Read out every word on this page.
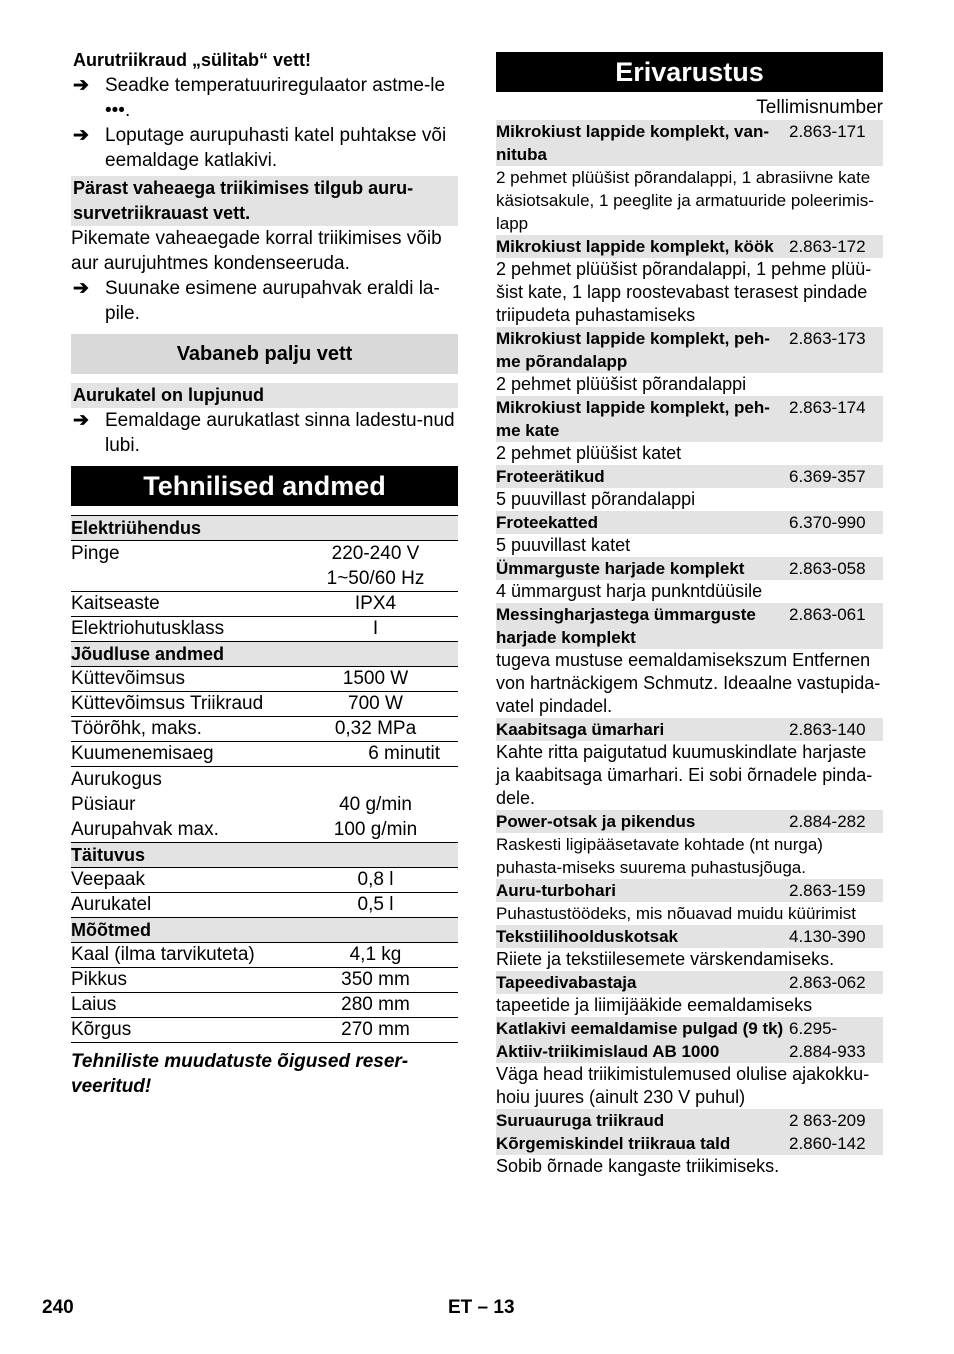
Aurutriikraud „sülitab“ vett!
➔ Seadke temperatuuriregulaator astme-le •••.
➔ Loputage aurupuhasti katel puhtakse või eemaldage katlakivi.
Pärast vaheaega triikimises tilgub auru-survetriikrauast vett.
Pikemate vaheaegade korral triikimises võib aur aurujuhtmes kondenseeruda.
➔ Suunake esimene aurupahvak eraldi la-pile.
Vabaneb palju vett
Aurukatel on lupjunud
➔ Eemaldage aurukatlast sinna ladestu-nud lubi.
Tehnilised andmed
Elektriühendus
Pinge	220-240 V
1~50/60 Hz
Kaitseaste	IPX4
Elektriohutusklass	I
Jõudluse andmed
Küttevõimsus	1500 W
Küttevõimsus Triikraud	700 W
Töörõhk, maks.	0,32 MPa
Kuumenemisaeg	6 minutit
Aurukogus
Püsiaur	40 g/min
Aurupahvak max.	100 g/min
Täituvus
Veepaak	0,8 l
Aurukatel	0,5 l
Mõõtmed
Kaal (ilma tarvikuteta)	4,1 kg
Pikkus	350 mm
Laius	280 mm
Kõrgus	270 mm
Tehniliste muudatuste õigused reser-veeritud!
Erivarustus
Tellimisnumber
Mikrokiust lappide komplekt, van-nituba
2.863-171
2 pehmet plüüšist põrandalappi, 1 abrasiivne kate käsiotsakule, 1 peeglite ja armatuuride poleerimis-lapp
Mikrokiust lappide komplekt, köök 2.863-172
2 pehmet plüüšist põrandalappi, 1 pehme plüü-šist kate, 1 lapp roostevabast terasest pindade triipudeta puhastamiseks
Mikrokiust lappide komplekt, peh-me põrandalapp
2.863-173
2 pehmet plüüšist põrandalappi
Mikrokiust lappide komplekt, peh-me kate
2.863-174
2 pehmet plüüšist katet
Froteerätikud	6.369-357
5 puuvillast põrandalappi
Froteekatted	6.370-990
5 puuvillast katet
Ümmarguste harjade komplekt	2.863-058
4 ümmargust harja punkntdüüsile
Messingharjastega ümmarguste harjade komplekt
2.863-061
tugeva mustuse eemaldamisekszum Entfernen von hartnäckigem Schmutz. Ideaalne vastupida-vatel pindadel.
Kaabitsaga ümarhari	2.863-140
Kahte ritta paigutatud kuumuskindlate harjaste ja kaabitsaga ümarhari. Ei sobi õrnadele pinda-dele.
Power-otsak ja pikendus	2.884-282
Raskesti ligipääsetavate kohtade (nt nurga) puhasta-miseks suurema puhastusjõuga.
Auru-turbohari	2.863-159
Puhastustöödeks, mis nõuavad muidu küürimist
Tekstiilihoolduskotsak	4.130-390
Riiete ja tekstiilesemete värskendamiseks.
Tapeedivabastaja	2.863-062
tapeetide ja liimijääkide eemaldamiseks
Katlakivi eemaldamise pulgad (9 tk) 6.295-
Aktiiv-triikimislaud AB 1000	2.884-933
Väga head triikimistulemused olulise ajakokku-hoiu juures (ainult 230 V puhul)
Suruauruga triikraud	2 863-209
Kõrgemiskindel triikraua tald	2.860-142
Sobib õrnade kangaste triikimiseks.
240	ET – 13
